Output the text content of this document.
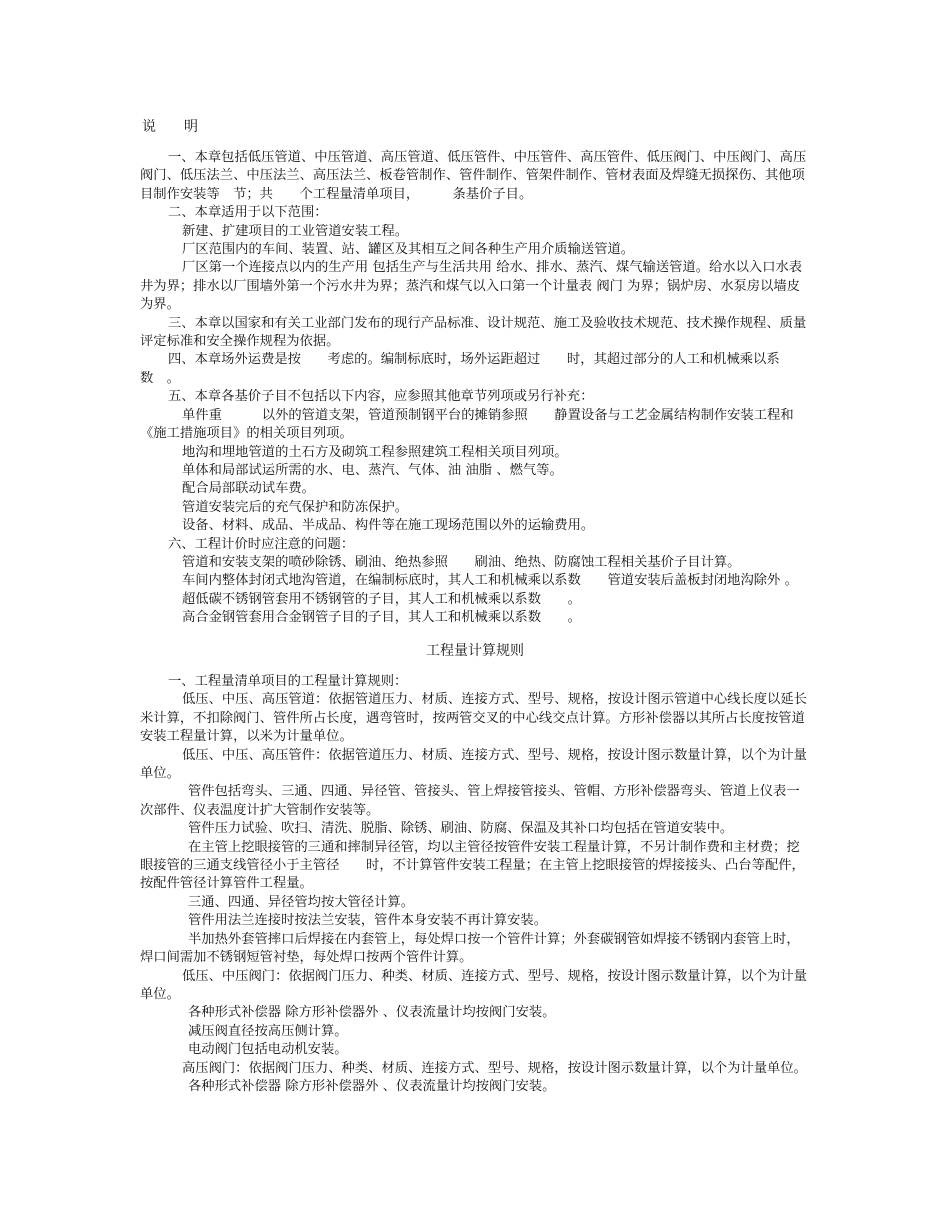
说　　明

一、本章包括低压管道、中压管道、高压管道、低压管件、中压管件、高压管件、低压阀门、中压阀门、高压阀门、低压法兰、中压法兰、高压法兰、板卷管制作、管件制作、管架件制作、管材表面及焊缝无损探伤、其他项目制作安装等　节；共　　个工程量清单项目，　　　条基价子目。

二、本章适用于以下范围：

新建、扩建项目的工业管道安装工程。

厂区范围内的车间、装置、站、罐区及其相互之间各种生产用介质输送管道。

厂区第一个连接点以内的生产用 包括生产与生活共用 给水、排水、蒸汽、煤气输送管道。给水以入口水表井为界；排水以厂围墙外第一个污水井为界；蒸汽和煤气以入口第一个计量表 阀门 为界；锅炉房、水泵房以墙皮为界。

三、本章以国家和有关工业部门发布的现行产品标准、设计规范、施工及验收技术规范、技术操作规程、质量评定标准和安全操作规程为依据。

四、本章场外运费是按　　考虑的。编制标底时，场外运距超过　　时，其超过部分的人工和机械乘以系数　。

五、本章各基价子目不包括以下内容，应参照其他章节列项或另行补充：

单件重　　　以外的管道支架，管道预制钢平台的摊销参照　　静置设备与工艺金属结构制作安装工程和《施工措施项目》的相关项目列项。

地沟和埋地管道的土石方及砌筑工程参照建筑工程相关项目列项。

单体和局部试运所需的水、电、蒸汽、气体、油 油脂 、燃气等。

配合局部联动试车费。

管道安装完后的充气保护和防冻保护。

设备、材料、成品、半成品、构件等在施工现场范围以外的运输费用。

六、工程计价时应注意的问题：

管道和安装支架的喷砂除锈、刷油、绝热参照　　刷油、绝热、防腐蚀工程相关基价子目计算。

车间内整体封闭式地沟管道，在编制标底时，其人工和机械乘以系数　　管道安装后盖板封闭地沟除外 。

超低碳不锈钢管套用不锈钢管的子目，其人工和机械乘以系数　　。

高合金钢管套用合金钢管子目的子目，其人工和机械乘以系数　　。

工程量计算规则

一、工程量清单项目的工程量计算规则：

低压、中压、高压管道：依据管道压力、材质、连接方式、型号、规格，按设计图示管道中心线长度以延长米计算，不扣除阀门、管件所占长度，遇弯管时，按两管交叉的中心线交点计算。方形补偿器以其所占长度按管道安装工程量计算，以米为计量单位。

低压、中压、高压管件：依据管道压力、材质、连接方式、型号、规格，按设计图示数量计算，以个为计量单位。

管件包括弯头、三通、四通、异径管、管接头、管上焊接管接头、管帽、方形补偿器弯头、管道上仪表一次部件、仪表温度计扩大管制作安装等。

管件压力试验、吹扫、清洗、脱脂、除锈、刷油、防腐、保温及其补口均包括在管道安装中。

在主管上挖眼接管的三通和摔制异径管，均以主管径按管件安装工程量计算，不另计制作费和主材费；挖眼接管的三通支线管径小于主管径　　时，不计算管件安装工程量；在主管上挖眼接管的焊接接头、凸台等配件，按配件管径计算管件工程量。

三通、四通、异径管均按大管径计算。

管件用法兰连接时按法兰安装，管件本身安装不再计算安装。

半加热外套管摔口后焊接在内套管上，每处焊口按一个管件计算；外套碳钢管如焊接不锈钢内套管上时，焊口间需加不锈钢短管衬垫，每处焊口按两个管件计算。

低压、中压阀门：依据阀门压力、种类、材质、连接方式、型号、规格，按设计图示数量计算，以个为计量单位。

各种形式补偿器 除方形补偿器外 、仪表流量计均按阀门安装。

减压阀直径按高压侧计算。

电动阀门包括电动机安装。

高压阀门：依据阀门压力、种类、材质、连接方式、型号、规格，按设计图示数量计算，以个为计量单位。

各种形式补偿器 除方形补偿器外 、仪表流量计均按阀门安装。
